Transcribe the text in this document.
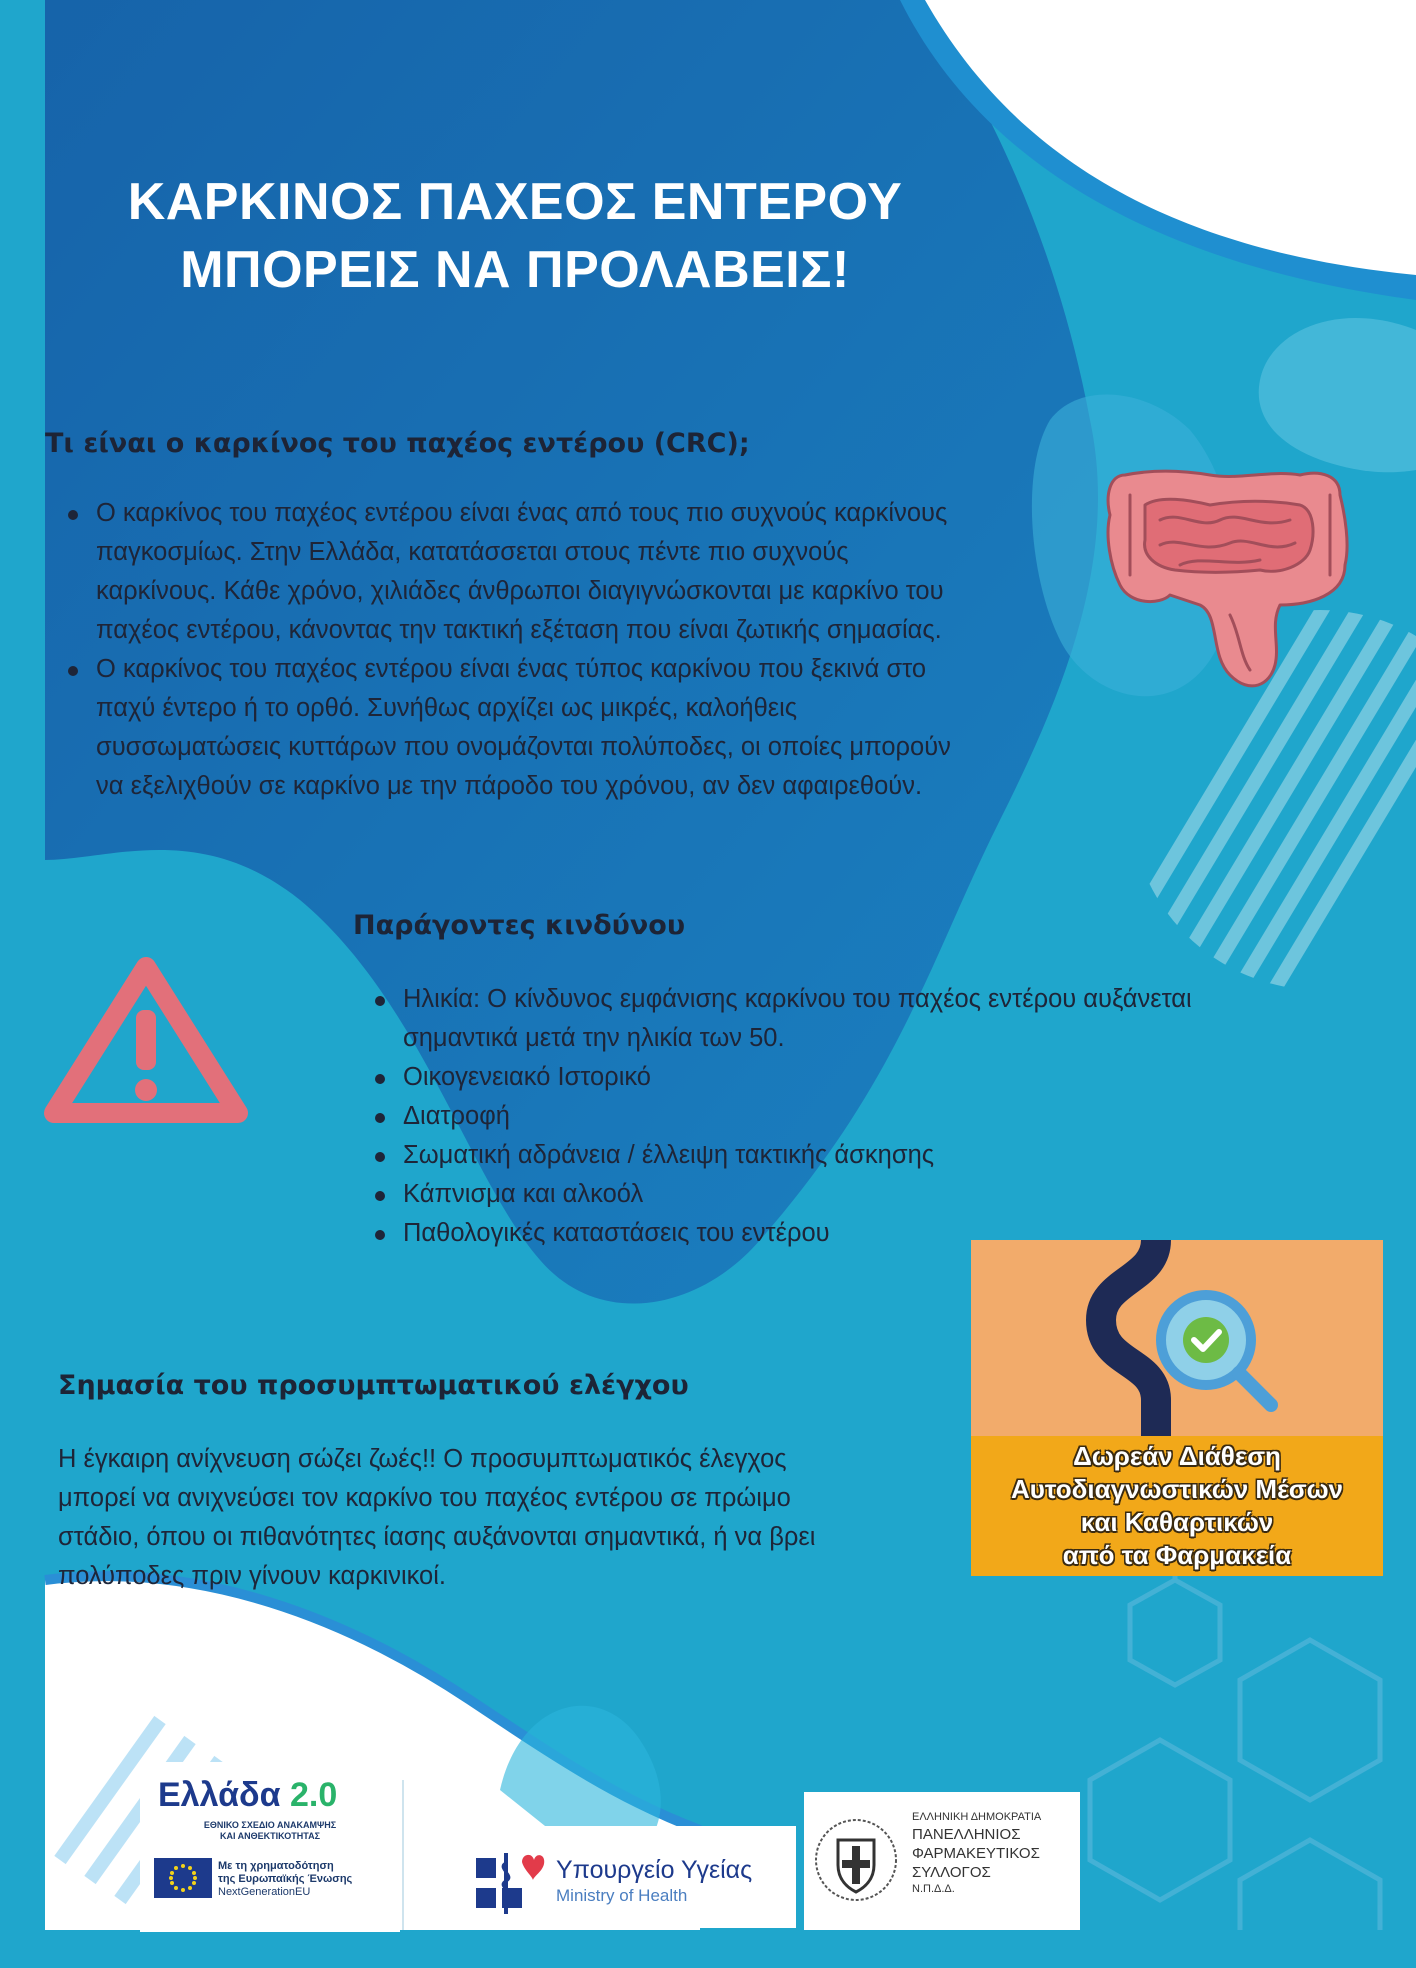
ΚΑΡΚΙΝΟΣ ΠΑΧΕΟΣ ΕΝΤΕΡΟΥ
ΜΠΟΡΕΙΣ ΝΑ ΠΡΟΛΑΒΕΙΣ!
Τι είναι ο καρκίνος του παχέος εντέρου (CRC);
Ο καρκίνος του παχέος εντέρου είναι ένας από τους πιο συχνούς καρκίνους
παγκοσμίως. Στην Ελλάδα, κατατάσσεται στους πέντε πιο συχνούς
καρκίνους. Κάθε χρόνο, χιλιάδες άνθρωποι διαγιγνώσκονται με καρκίνο του
παχέος εντέρου, κάνοντας την τακτική εξέταση που είναι ζωτικής σημασίας.
Ο καρκίνος του παχέος εντέρου είναι ένας τύπος καρκίνου που ξεκινά στο
παχύ έντερο ή το ορθό. Συνήθως αρχίζει ως μικρές, καλοήθεις
συσσωματώσεις κυττάρων που ονομάζονται πολύποδες, οι οποίες μπορούν
να εξελιχθούν σε καρκίνο με την πάροδο του χρόνου, αν δεν αφαιρεθούν.
Παράγοντες κινδύνου
Ηλικία: Ο κίνδυνος εμφάνισης καρκίνου του παχέος εντέρου αυξάνεται
σημαντικά μετά την ηλικία των 50.
Οικογενειακό Ιστορικό
Διατροφή
Σωματική αδράνεια / έλλειψη τακτικής άσκησης
Κάπνισμα και αλκοόλ
Παθολογικές καταστάσεις του εντέρου
Δωρεάν Διάθεση
Αυτοδιαγνωστικών Μέσων
και Καθαρτικών
από τα Φαρμακεία
Σημασία του προσυμπτωματικού ελέγχου
Η έγκαιρη ανίχνευση σώζει ζωές!! Ο προσυμπτωματικός έλεγχος
μπορεί να ανιχνεύσει τον καρκίνο του παχέος εντέρου σε πρώιμο
στάδιο, όπου οι πιθανότητες ίασης αυξάνονται σημαντικά, ή να βρει
πολύποδες πριν γίνουν καρκινικοί.
Ελλάδα 2.0
ΕΘΝΙΚΟ ΣΧΕΔΙΟ ΑΝΑΚΑΜΨΗΣ
ΚΑΙ ΑΝΘΕΚΤΙΚΟΤΗΤΑΣ
Με τη χρηματοδότηση
της Ευρωπαϊκής Ένωσης
NextGenerationEU
Υπουργείο Υγείας
Ministry of Health
ΕΛΛΗΝΙΚΗ ΔΗΜΟΚΡΑΤΙΑ
ΠΑΝΕΛΛΗΝΙΟΣ
ΦΑΡΜΑΚΕΥΤΙΚΟΣ
ΣΥΛΛΟΓΟΣ
Ν.Π.Δ.Δ.
